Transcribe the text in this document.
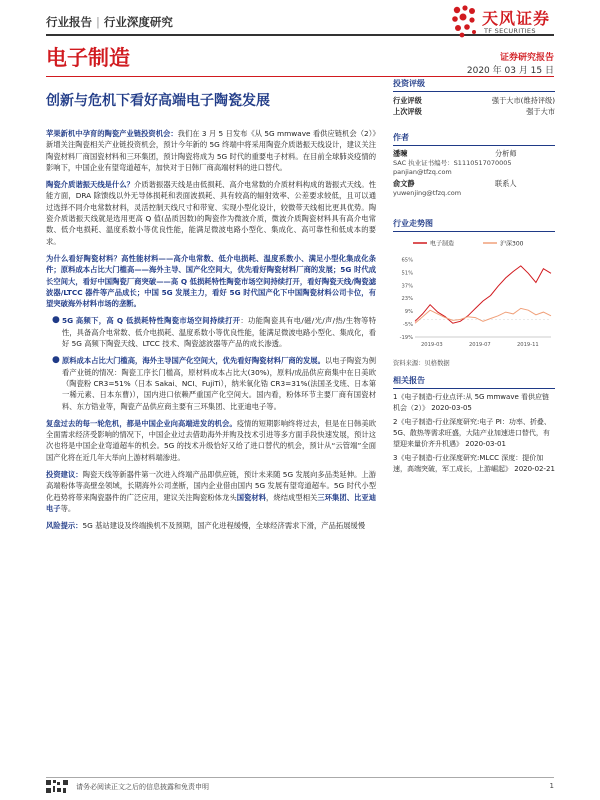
行业报告 | 行业深度研究	天风证券
TF SECURITIES
电子制造	证券研究报告
2020 年 03 月 15 日
创新与危机下看好高端电子陶瓷发展

苹果新机中孕育的陶瓷产业链投资机会：我们在 3 月 5 日发布《从 5G mmwave 看供应链机会（2）》新增关注陶瓷相关产业链投资机会，预计今年新的 5G 终端中将采用陶瓷介质谐振天线设计，建议关注陶瓷材料厂商国瓷材料和三环集团，预计陶瓷将成为 5G 时代的重要电子材料。在目前全球肺炎疫情的影响下，中国企业有望弯道超车，加快对于日韩厂商高端材料的进口替代。

陶瓷介质谐振天线是什么？介质谐振器天线是由低损耗、高介电常数的介质材料构成的谐振式天线。性能方面，DRA 除馈线以外无导体损耗和表面波损耗、具有较高的辐射效率、公差要求较低，且可以通过选择不同介电常数材料，灵活控制天线尺寸和带宽、实现小型化设计，较微带天线相比更具优势。陶瓷介质谐振天线就是选用更高 Q 值(品质因数)的陶瓷作为微波介质，微波介质陶瓷材料具有高介电常数、低介电损耗、温度系数小等优良性能，能满足微波电路小型化、集成化、高可靠性和低成本的要求。

为什么看好陶瓷材料？高性能材料——高介电常数、低介电损耗、温度系数小、满足小型化集成化条件；原料成本占比大门槛高——海外主导、国产化空间大，优先看好陶瓷材料厂商的发展；5G 时代成长空间大，看好中国陶瓷厂商突破——高 Q 低损耗特性陶瓷市场空间持续打开，看好陶瓷天线/陶瓷滤波器/LTCC 器件等产品成长；中国 5G 发展主力，看好 5G 时代国产化下中国陶瓷材料公司卡位，有望突破海外材料市场的垄断。

● 5G 高频下，高 Q 低损耗特性陶瓷市场空间持续打开：功能陶瓷具有电/磁/光/声/热/生物等特性，具备高介电常数、低介电损耗、温度系数小等优良性能，能满足微波电路小型化、集成化，看好 5G 高频下陶瓷天线、LTCC 技术、陶瓷滤波器等产品的成长渗透。
● 原料成本占比大门槛高，海外主导国产化空间大，优先看好陶瓷材料厂商的发展。以电子陶瓷为例看产业链的情况：陶瓷工序长门槛高，原材料成本占比大(30%)，原料/成品供应商集中在日美欧（陶瓷粉 CR3=51%（日本 Sakai、NCI、FujiTi），纳米氧化锆 CR3=31%(法国圣戈班、日本第一稀元素、日本东曹)），国内进口依赖严重国产化空间大。国内看，粉体环节主要厂商有国瓷材料、东方锆业等，陶瓷产品供应商主要有三环集团、比亚迪电子等。

复盘过去的每一轮危机，都是中国企业向高端进发的机会。疫情的短期影响终将过去，但是在日韩美欧全面需求经济受影响的情况下，中国企业过去借助海外并购及技术引进等多方面手段快速发展，预计这次也将是中国企业弯道超车的机会。5G 的技术升级恰好又给了进口替代的机会，预计从“云管端”全面国产化将在近几年大举向上游材料端渗进。

投资建议：陶瓷天线等新器件第一次进入终端产品即供应链，预计未来随 5G 发展向多品类延伸。上游高端粉体等高壁垒领域，长期海外公司垄断，国内企业借由国内 5G 发展有望弯道超车。5G 时代小型化趋势将带来陶瓷器件的广泛应用，建议关注陶瓷粉体龙头国瓷材料，烧结成型相关三环集团、比亚迪电子等。

风险提示：5G 基站建设及终端换机不及预期，国产化进程缓慢，全球经济需求下滑，产品拓展缓慢

投资评级
行业评级	强于大市(维持评级)
上次评级	强于大市
作者
潘暕	分析师
SAC 执业证书编号：S1110517070005
panjian@tfzq.com
俞文静	联系人
yuwenjing@tfzq.com
行业走势图
电子制造	沪深300
65%
51%
37%
23%
9%
-5%
-19%
2019-03	2019-07	2019-11
资料来源：贝格数据
相关报告
1《电子制造-行业点评:从 5G mmwave 看供应链机会（2）》 2020-03-05
2《电子制造-行业深度研究:电子 PI：功率、折叠、5G、散热等需求旺盛，大陆产业加速进口替代，有望迎来量价齐升机遇》 2020-03-01
3《电子制造-行业深度研究:MLCC 深度：提价加速，高端突破，军工成长，上游崛起》 2020-02-21
请务必阅读正文之后的信息披露和免责申明	1
